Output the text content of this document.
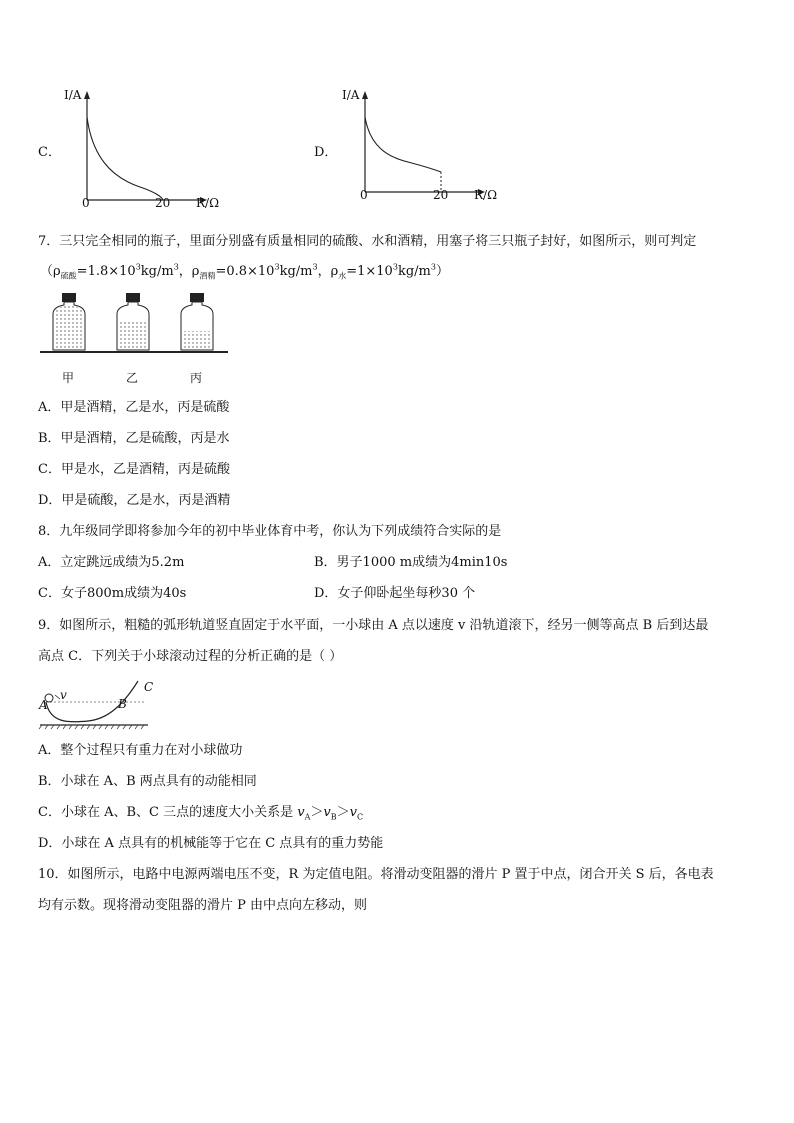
C．
I/A
0	20 R/Ω
D．
I/A
0	20 R/Ω
7．三只完全相同的瓶子，里面分别盛有质量相同的硫酸、水和酒精，用塞子将三只瓶子封好，如图所示，则可判定
（$\rho_{硫酸}=1.8\times 10^3kg/m^3$，$\rho_{酒精}=0.8\times 10^3kg/m^3$，$\rho_水=1\times 10^3kg/m^3$）
甲	乙	丙
A．甲是酒精，乙是水，丙是硫酸
B．甲是酒精，乙是硫酸，丙是水
C．甲是水，乙是酒精，丙是硫酸
D．甲是硫酸，乙是水，丙是酒精
8．九年级同学即将参加今年的初中毕业体育中考，你认为下列成绩符合实际的是
A．立定跳远成绩为5.2m	B．男子1000 m成绩为4min10s
C．女子800m成绩为40s	D．女子仰卧起坐每秒30 个
9．如图所示，粗糙的弧形轨道竖直固定于水平面，一小球由 A 点以速度 v 沿轨道滚下，经另一侧等高点 B 后到达最
高点 C．下列关于小球滚动过程的分析正确的是（ ）
A	B
C
v
A．整个过程只有重力在对小球做功
B．小球在 A、B 两点具有的动能相同
C．小球在 A、B、C 三点的速度大小关系是 $v_A>v_B>v_C$
D．小球在 A 点具有的机械能等于它在 C 点具有的重力势能
10．如图所示，电路中电源两端电压不变，R 为定值电阻。将滑动变阻器的滑片 P 置于中点，闭合开关 S 后，各电表
均有示数。现将滑动变阻器的滑片 P 由中点向左移动，则
